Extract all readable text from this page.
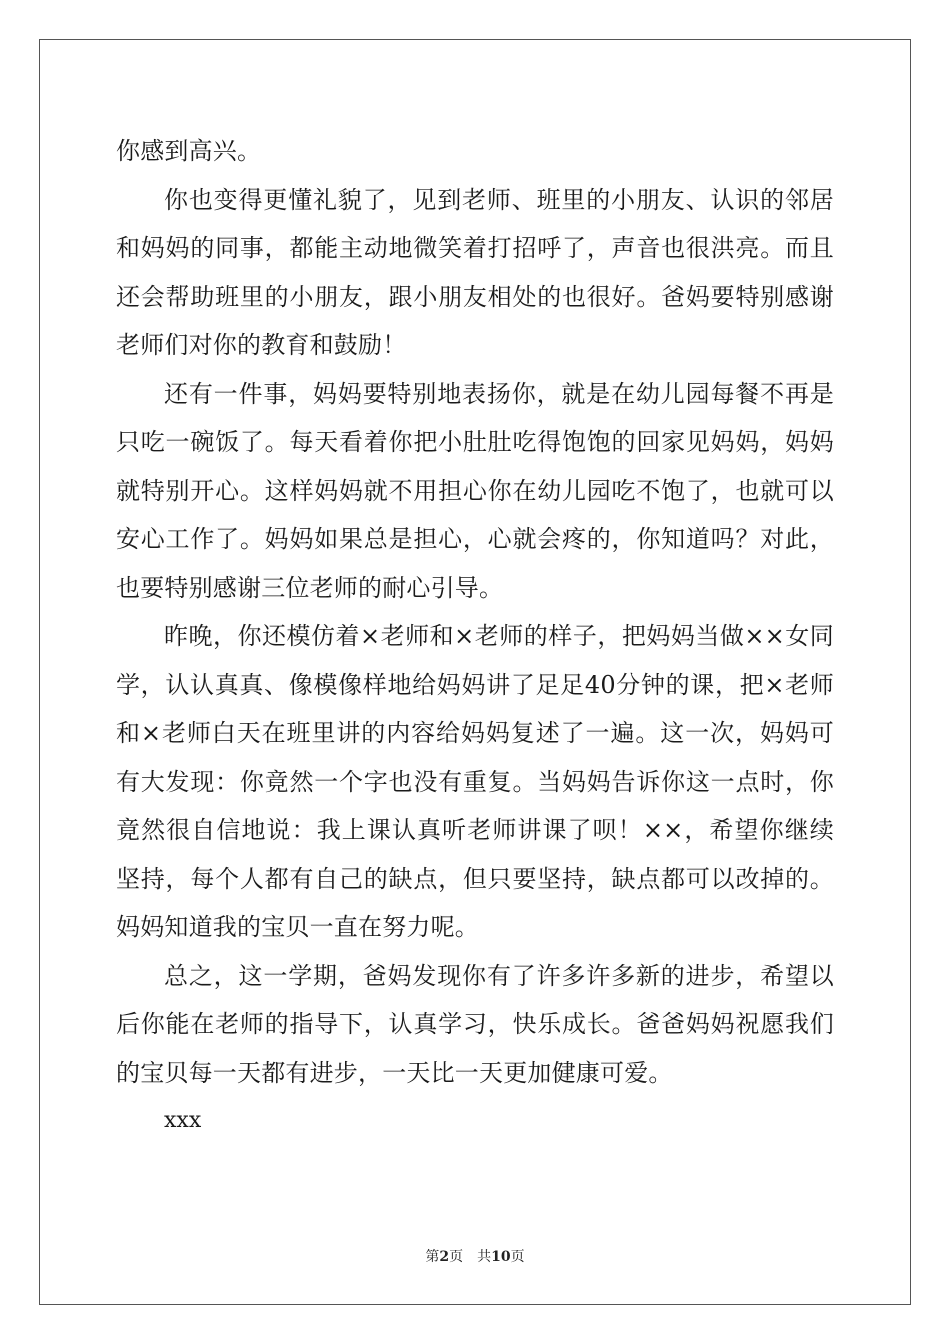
你感到高兴。

你也变得更懂礼貌了，见到老师、班里的小朋友、认识的邻居和妈妈的同事，都能主动地微笑着打招呼了，声音也很洪亮。而且还会帮助班里的小朋友，跟小朋友相处的也很好。爸妈要特别感谢老师们对你的教育和鼓励！

还有一件事，妈妈要特别地表扬你，就是在幼儿园每餐不再是只吃一碗饭了。每天看着你把小肚肚吃得饱饱的回家见妈妈，妈妈就特别开心。这样妈妈就不用担心你在幼儿园吃不饱了，也就可以安心工作了。妈妈如果总是担心，心就会疼的，你知道吗？对此，也要特别感谢三位老师的耐心引导。

昨晚，你还模仿着×老师和×老师的样子，把妈妈当做××女同学，认认真真、像模像样地给妈妈讲了足足40分钟的课，把×老师和×老师白天在班里讲的内容给妈妈复述了一遍。这一次，妈妈可有大发现：你竟然一个字也没有重复。当妈妈告诉你这一点时，你竟然很自信地说：我上课认真听老师讲课了呗！××，希望你继续坚持，每个人都有自己的缺点，但只要坚持，缺点都可以改掉的。妈妈知道我的宝贝一直在努力呢。

总之，这一学期，爸妈发现你有了许多许多新的进步，希望以后你能在老师的指导下，认真学习，快乐成长。爸爸妈妈祝愿我们的宝贝每一天都有进步，一天比一天更加健康可爱。

xxx

第2页 共10页
